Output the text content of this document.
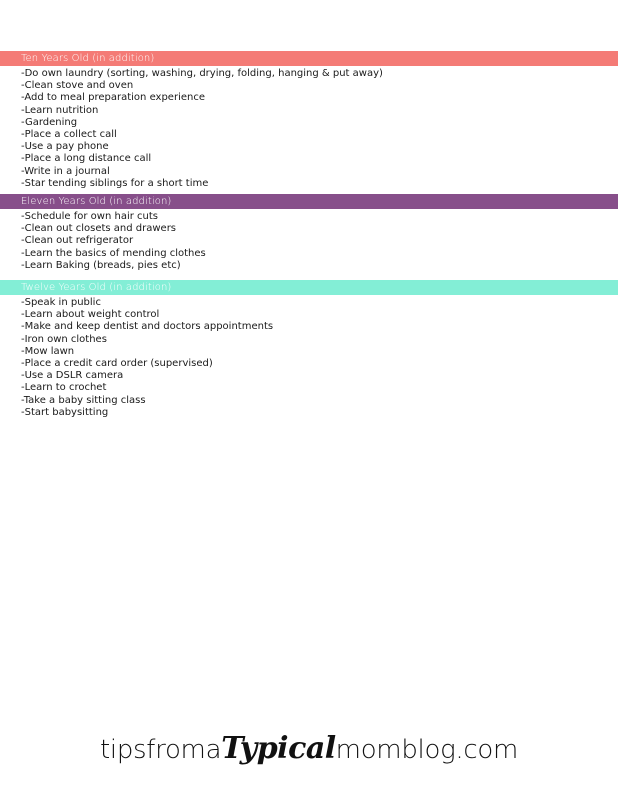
Ten Years Old (in addition)
-Do own laundry (sorting, washing, drying, folding, hanging & put away)
-Clean stove and oven
-Add to meal preparation experience
-Learn nutrition
-Gardening
-Place a collect call
-Use a pay phone
-Place a long distance call
-Write in a journal
-Star tending siblings for a short time
Eleven Years Old (in addition)
-Schedule for own hair cuts
-Clean out closets and drawers
-Clean out refrigerator
-Learn the basics of mending clothes
-Learn Baking (breads, pies etc)
Twelve Years Old (in addition)
-Speak in public
-Learn about weight control
-Make and keep dentist and doctors appointments
-Iron own clothes
-Mow lawn
-Place a credit card order (supervised)
-Use a DSLR camera
-Learn to crochet
-Take a baby sitting class
-Start babysitting
tipsfromaTypicalmomblog.com
